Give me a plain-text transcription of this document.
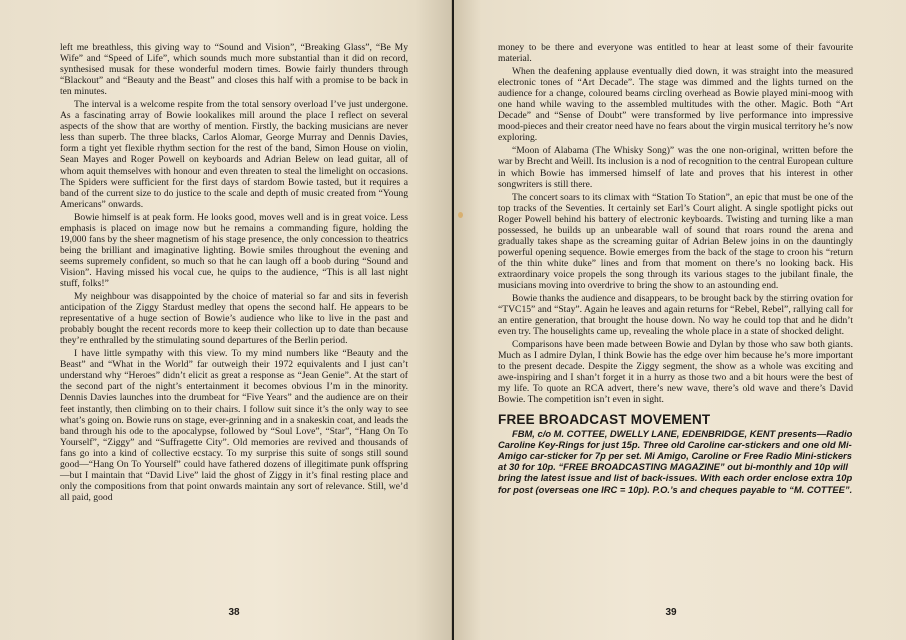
left me breathless, this giving way to “Sound and Vision”, “Breaking Glass”, “Be My Wife” and “Speed of Life”, which sounds much more substantial than it did on record, synthesised musak for these wonderful modern times. Bowie fairly thunders through “Blackout” and “Beauty and the Beast” and closes this half with a promise to be back in ten minutes.

The interval is a welcome respite from the total sensory overload I’ve just undergone. As a fascinating array of Bowie lookalikes mill around the place I reflect on several aspects of the show that are worthy of mention. Firstly, the backing musicians are never less than superb. The three blacks, Carlos Alomar, George Murray and Dennis Davies, form a tight yet flexible rhythm section for the rest of the band, Simon House on violin, Sean Mayes and Roger Powell on keyboards and Adrian Belew on lead guitar, all of whom aquit themselves with honour and even threaten to steal the limelight on occasions. The Spiders were sufficient for the first days of stardom Bowie tasted, but it requires a band of the current size to do justice to the scale and depth of music created from “Young Americans” onwards.

Bowie himself is at peak form. He looks good, moves well and is in great voice. Less emphasis is placed on image now but he remains a commanding figure, holding the 19,000 fans by the sheer magnetism of his stage presence, the only concession to theatrics being the brilliant and imaginative lighting. Bowie smiles throughout the evening and seems supremely confident, so much so that he can laugh off a boob during “Sound and Vision”. Having missed his vocal cue, he quips to the audience, “This is all last night stuff, folks!”

My neighbour was disappointed by the choice of material so far and sits in feverish anticipation of the Ziggy Stardust medley that opens the second half. He appears to be representative of a huge section of Bowie’s audience who like to live in the past and probably bought the recent records more to keep their collection up to date than because they’re enthralled by the stimulating sound departures of the Berlin period.

I have little sympathy with this view. To my mind numbers like “Beauty and the Beast” and “What in the World” far outweigh their 1972 equivalents and I just can’t understand why “Heroes” didn’t elicit as great a response as “Jean Genie”. At the start of the second part of the night’s entertainment it becomes obvious I’m in the minority. Dennis Davies launches into the drumbeat for “Five Years” and the audience are on their feet instantly, then climbing on to their chairs. I follow suit since it’s the only way to see what’s going on. Bowie runs on stage, ever-grinning and in a snakeskin coat, and leads the band through his ode to the apocalypse, followed by “Soul Love”, “Star”, “Hang On To Yourself”, “Ziggy” and “Suffragette City”. Old memories are revived and thousands of fans go into a kind of collective ecstacy. To my surprise this suite of songs still sound good—“Hang On To Yourself” could have fathered dozens of illegitimate punk offspring—but I maintain that “David Live” laid the ghost of Ziggy in it’s final resting place and only the compositions from that point onwards maintain any sort of relevance. Still, we’d all paid, good

38

money to be there and everyone was entitled to hear at least some of their favourite material.

When the deafening applause eventually died down, it was straight into the measured electronic tones of “Art Decade”. The stage was dimmed and the lights turned on the audience for a change, coloured beams circling overhead as Bowie played mini-moog with one hand while waving to the assembled multitudes with the other. Magic. Both “Art Decade” and “Sense of Doubt” were transformed by live performance into impressive mood-pieces and their creator need have no fears about the virgin musical territory he’s now exploring.

“Moon of Alabama (The Whisky Song)” was the one non-original, written before the war by Brecht and Weill. Its inclusion is a nod of recognition to the central European culture in which Bowie has immersed himself of late and proves that his interest in other songwriters is still there.

The concert soars to its climax with “Station To Station”, an epic that must be one of the top tracks of the Seventies. It certainly set Earl’s Court alight. A single spotlight picks out Roger Powell behind his battery of electronic keyboards. Twisting and turning like a man possessed, he builds up an unbearable wall of sound that roars round the arena and gradually takes shape as the screaming guitar of Adrian Belew joins in on the dauntingly powerful opening sequence. Bowie emerges from the back of the stage to croon his “return of the thin white duke” lines and from that moment on there’s no looking back. His extraordinary voice propels the song through its various stages to the jubilant finale, the musicians moving into overdrive to bring the show to an astounding end.

Bowie thanks the audience and disappears, to be brought back by the stirring ovation for “TVC15” and “Stay”. Again he leaves and again returns for “Rebel, Rebel”, rallying call for an entire generation, that brought the house down. No way he could top that and he didn’t even try. The houselights came up, revealing the whole place in a state of shocked delight.

Comparisons have been made between Bowie and Dylan by those who saw both giants. Much as I admire Dylan, I think Bowie has the edge over him because he’s more important to the present decade. Despite the Ziggy segment, the show as a whole was exciting and awe-inspiring and I shan’t forget it in a hurry as those two and a bit hours were the best of my life. To quote an RCA advert, there’s new wave, there’s old wave and there’s David Bowie. The competition isn’t even in sight.

FREE BROADCAST MOVEMENT

FBM, c/o M. COTTEE, DWELLY LANE, EDENBRIDGE, KENT presents—Radio Caroline Key-Rings for just 15p. Three old Caroline car-stickers and one old Mi-Amigo car-sticker for 7p per set. Mi Amigo, Caroline or Free Radio Mini-stickers at 30 for 10p. “FREE BROADCASTING MAGAZINE” out bi-monthly and 10p will bring the latest issue and list of back-issues. With each order enclose extra 10p for post (overseas one IRC = 10p). P.O.’s and cheques payable to “M. COTTEE”.

39
